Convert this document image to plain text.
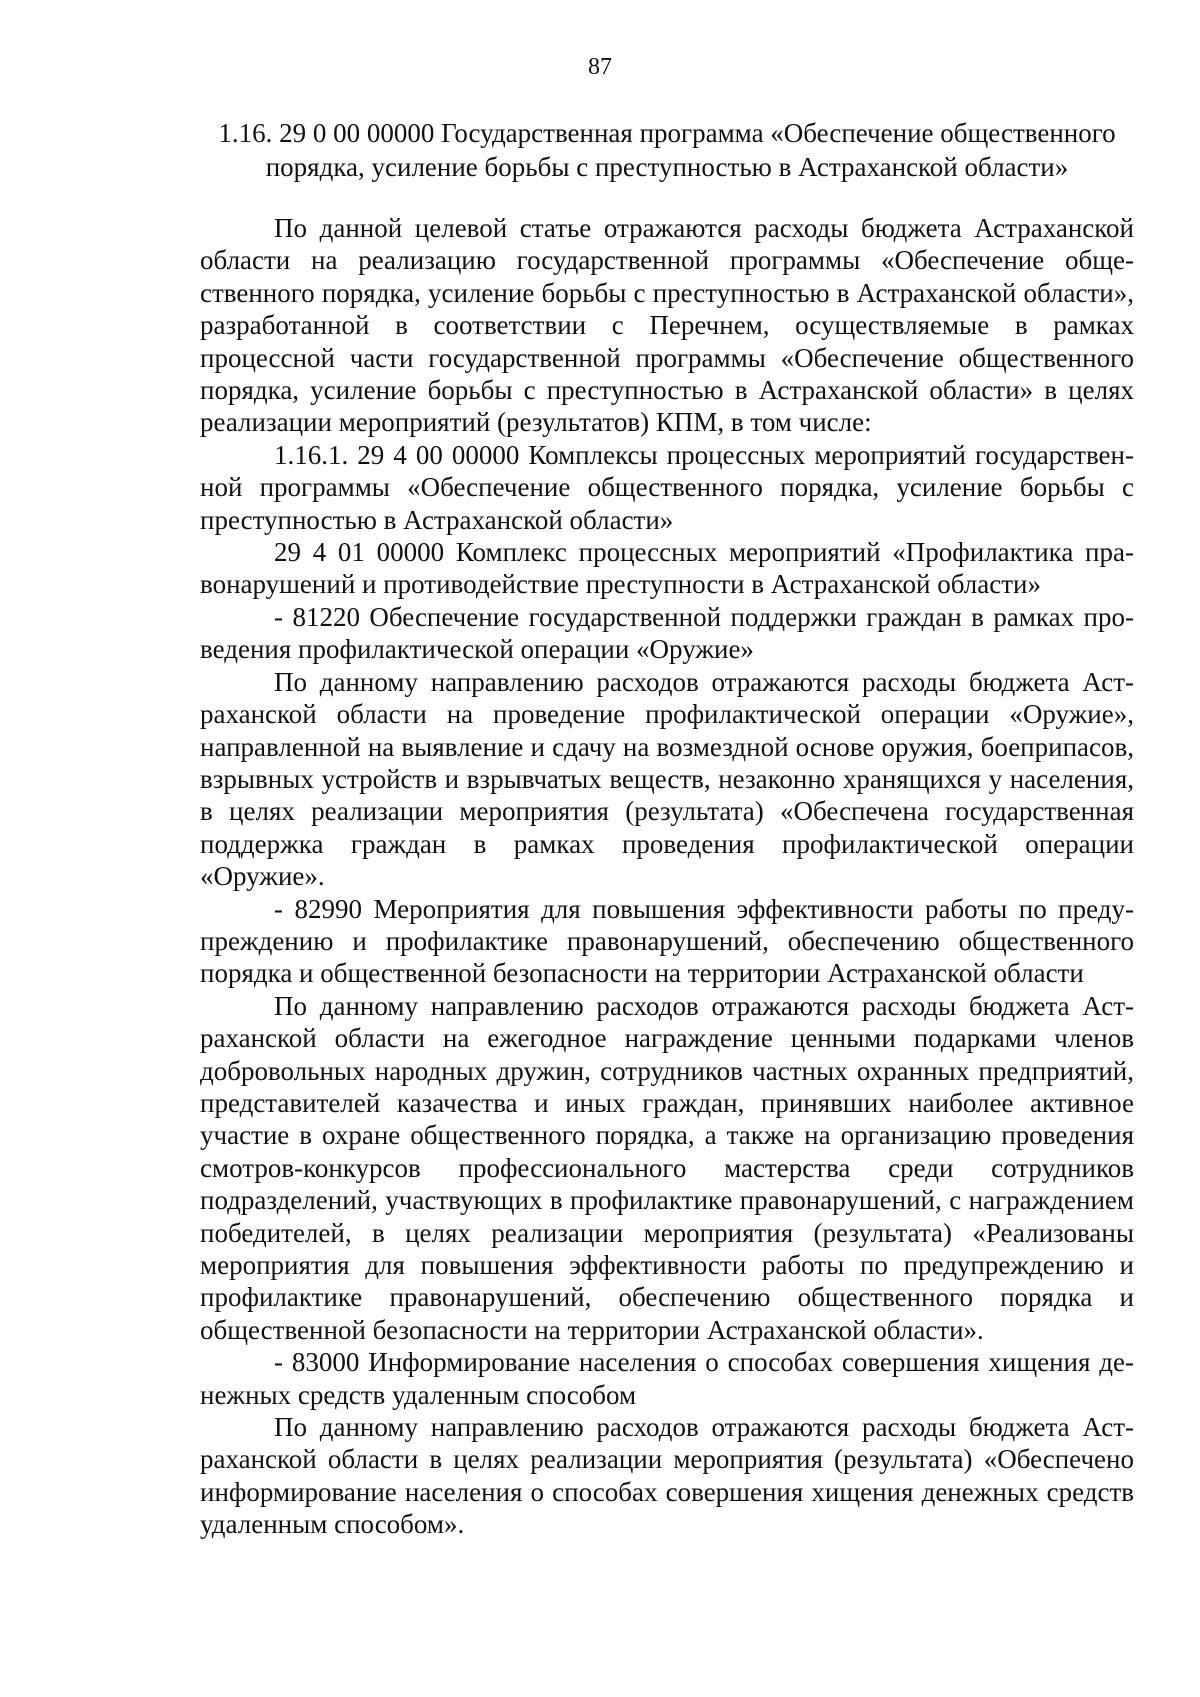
87
1.16. 29 0 00 00000 Государственная программа «Обеспечение общественного порядка, усиление борьбы с преступностью в Астраханской области»

По данной целевой статье отражаются расходы бюджета Астраханской области на реализацию государственной программы «Обеспечение общественного порядка, усиление борьбы с преступностью в Астраханской области», разработанной в соответствии с Перечнем, осуществляемые в рамках процессной части государственной программы «Обеспечение общественного порядка, усиление борьбы с преступностью в Астраханской области» в целях реализации мероприятий (результатов) КПМ, в том числе:

1.16.1. 29 4 00 00000 Комплексы процессных мероприятий государственной программы «Обеспечение общественного порядка, усиление борьбы с преступностью в Астраханской области»

29 4 01 00000 Комплекс процессных мероприятий «Профилактика правонарушений и противодействие преступности в Астраханской области»

- 81220 Обеспечение государственной поддержки граждан в рамках проведения профилактической операции «Оружие»

По данному направлению расходов отражаются расходы бюджета Астраханской области на проведение профилактической операции «Оружие», направленной на выявление и сдачу на возмездной основе оружия, боеприпасов, взрывных устройств и взрывчатых веществ, незаконно хранящихся у населения, в целях реализации мероприятия (результата) «Обеспечена государственная поддержка граждан в рамках проведения профилактической операции «Оружие».

- 82990 Мероприятия для повышения эффективности работы по предупреждению и профилактике правонарушений, обеспечению общественного порядка и общественной безопасности на территории Астраханской области

По данному направлению расходов отражаются расходы бюджета Астраханской области на ежегодное награждение ценными подарками членов добровольных народных дружин, сотрудников частных охранных предприятий, представителей казачества и иных граждан, принявших наиболее активное участие в охране общественного порядка, а также на организацию проведения смотров-конкурсов профессионального мастерства среди сотрудников подразделений, участвующих в профилактике правонарушений, с награждением победителей, в целях реализации мероприятия (результата) «Реализованы мероприятия для повышения эффективности работы по предупреждению и профилактике правонарушений, обеспечению общественного порядка и общественной безопасности на территории Астраханской области».

- 83000 Информирование населения о способах совершения хищения денежных средств удаленным способом

По данному направлению расходов отражаются расходы бюджета Астраханской области в целях реализации мероприятия (результата) «Обеспечено информирование населения о способах совершения хищения денежных средств удаленным способом».
